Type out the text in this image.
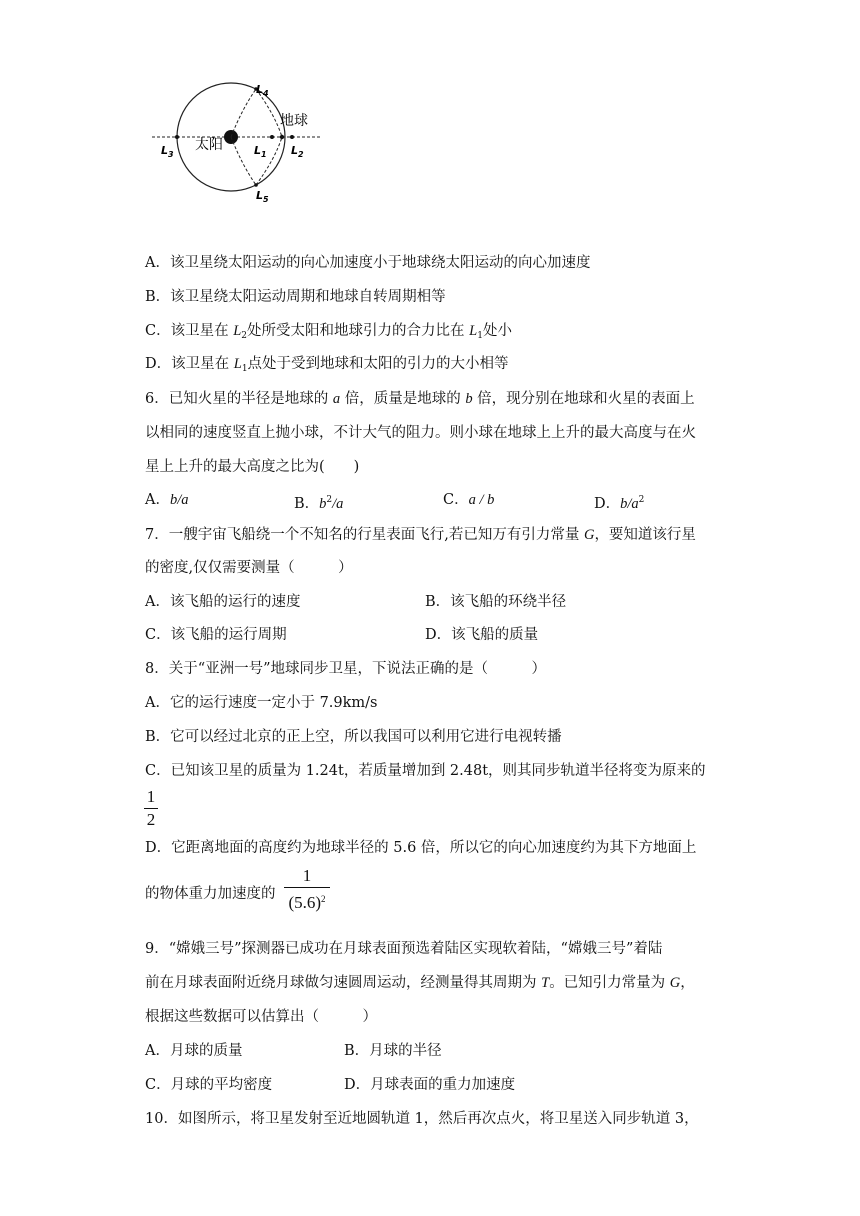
太阳
地球
$L_4$
$L_3$	$L_1$ $L_2$
$L_5$
A．该卫星绕太阳运动的向心加速度小于地球绕太阳运动的向心加速度
B．该卫星绕太阳运动周期和地球自转周期相等
C．该卫星在 $L_2$处所受太阳和地球引力的合力比在 $L_1$处小
D．该卫星在 $L_1$点处于受到地球和太阳的引力的大小相等
6．已知火星的半径是地球的 a 倍，质量是地球的 b 倍，现分别在地球和火星的表面上
以相同的速度竖直上抛小球，不计大气的阻力。则小球在地球上上升的最大高度与在火
星上上升的最大高度之比为(　　)
A．b/a	B．$b^2/a$	C．a / b	D．$b/a^2$
7．一艘宇宙飞船绕一个不知名的行星表面飞行,若已知万有引力常量 G，要知道该行星
的密度,仅仅需要测量（　　　）
A．该飞船的运行的速度	B．该飞船的环绕半径
C．该飞船的运行周期	D．该飞船的质量
8．关于“亚洲一号”地球同步卫星，下说法正确的是（　　　）
A．它的运行速度一定小于 7.9km/s
B．它可以经过北京的正上空，所以我国可以利用它进行电视转播
C．已知该卫星的质量为 1.24t，若质量增加到 2.48t，则其同步轨道半径将变为原来的
1
2
D．它距离地面的高度约为地球半径的 5.6 倍，所以它的向心加速度约为其下方地面上
的物体重力加速度的
1
$(5.6)^2$
9．“嫦娥三号”探测器已成功在月球表面预选着陆区实现软着陆，“嫦娥三号”着陆
前在月球表面附近绕月球做匀速圆周运动，经测量得其周期为 T。已知引力常量为 G，
根据这些数据可以估算出（　　　）
A．月球的质量	B．月球的半径
C．月球的平均密度	D．月球表面的重力加速度
10．如图所示，将卫星发射至近地圆轨道 1，然后再次点火，将卫星送入同步轨道 3，
